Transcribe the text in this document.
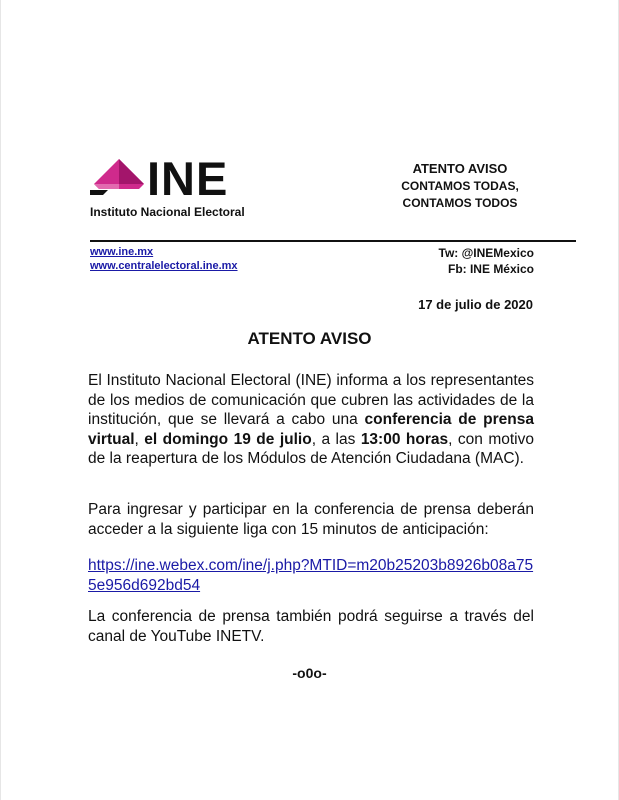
INE
Instituto Nacional Electoral
ATENTO AVISO
CONTAMOS TODAS,
CONTAMOS TODOS
www.ine.mx
www.centralelectoral.ine.mx
Tw: @INEMexico
Fb: INE México
17 de julio de 2020
ATENTO AVISO
El Instituto Nacional Electoral (INE) informa a los representantes de los medios de comunicación que cubren las actividades de la institución, que se llevará a cabo una conferencia de prensa virtual, el domingo 19 de julio, a las 13:00 horas, con motivo de la reapertura de los Módulos de Atención Ciudadana (MAC).
Para ingresar y participar en la conferencia de prensa deberán acceder a la siguiente liga con 15 minutos de anticipación:
https://ine.webex.com/ine/j.php?MTID=m20b25203b8926b08a755e956d692bd54
La conferencia de prensa también podrá seguirse a través del canal de YouTube INETV.
-o0o-
